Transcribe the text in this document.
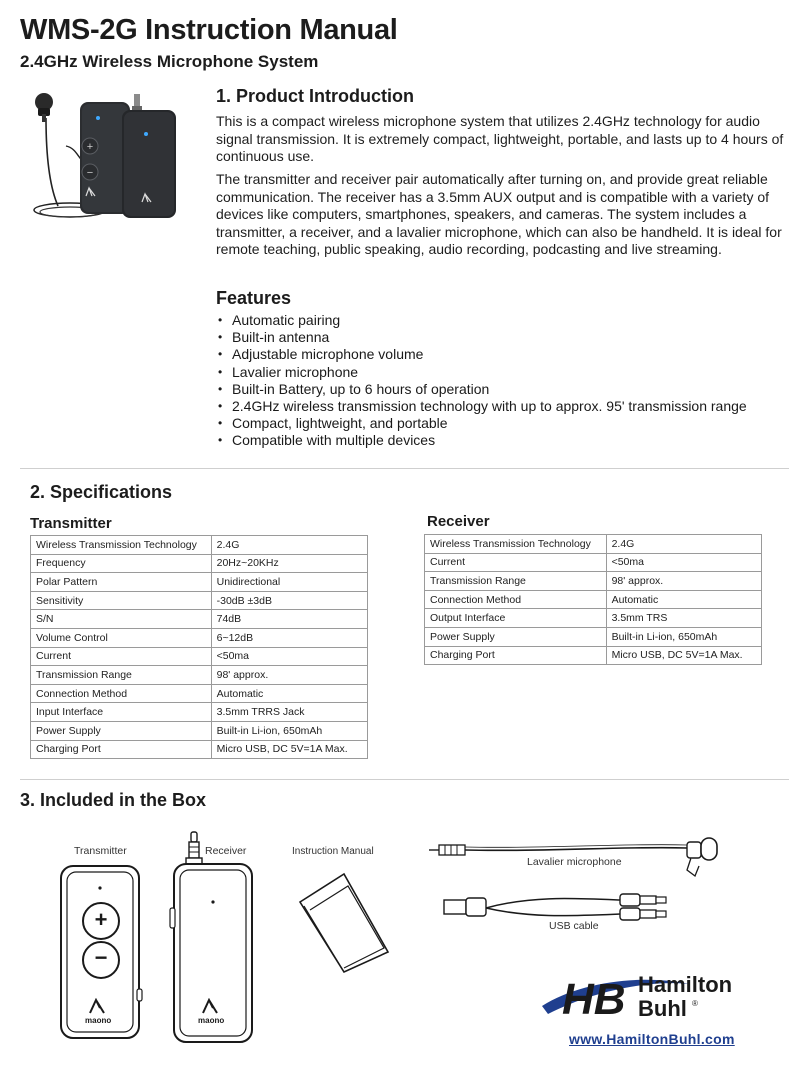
WMS-2G Instruction Manual
2.4GHz Wireless Microphone System
+
−
1. Product Introduction
This is a compact wireless microphone system that utilizes 2.4GHz technology for audio signal transmission. It is extremely compact, lightweight, portable, and lasts up to 4 hours of continuous use.
The transmitter and receiver pair automatically after turning on, and provide great reliable communication. The receiver has a 3.5mm AUX output and is compatible with a variety of devices like computers, smartphones, speakers, and cameras. The system includes a transmitter, a receiver, and a lavalier microphone, which can also be handheld. It is ideal for remote teaching, public speaking, audio recording, podcasting and live streaming.
Features
• Automatic pairing
• Built-in antenna
• Adjustable microphone volume
• Lavalier microphone
• Built-in Battery, up to 6 hours of operation
• 2.4GHz wireless transmission technology with up to approx. 95' transmission range
• Compact, lightweight, and portable
• Compatible with multiple devices
2. Specifications
Transmitter
Wireless Transmission Technology	2.4G
Frequency	20Hz~20KHz
Polar Pattern	Unidirectional
Sensitivity	-30dB ±3dB
S/N	74dB
Volume Control	6~12dB
Current	<50ma
Transmission Range	98' approx.
Connection Method	Automatic
Input Interface	3.5mm TRRS Jack
Power Supply	Built-in Li-ion, 650mAh
Charging Port	Micro USB, DC 5V=1A Max.
Receiver
Wireless Transmission Technology	2.4G
Current	<50ma
Transmission Range	98' approx.
Connection Method	Automatic
Output Interface	3.5mm TRS
Power Supply	Built-in Li-ion, 650mAh
Charging Port	Micro USB, DC 5V=1A Max.
3. Included in the Box
Transmitter
+
−
maono
Receiver
maono
Instruction Manual
Lavalier microphone
USB cable
HB Hamilton
Buhl ®
www.HamiltonBuhl.com
